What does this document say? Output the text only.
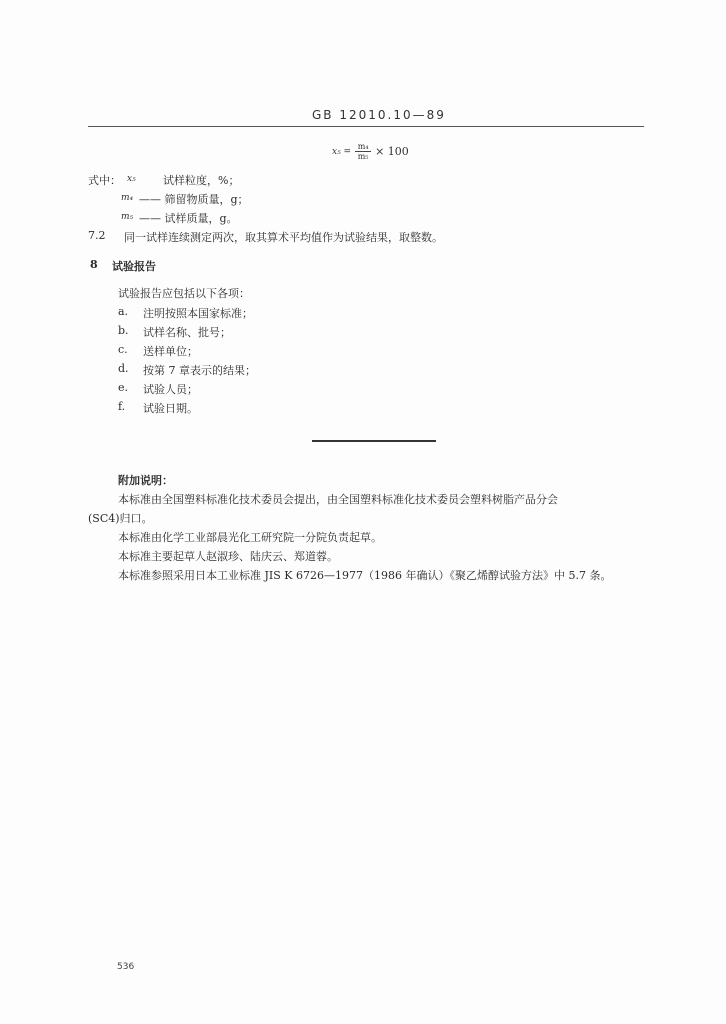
GB 12010.10—89
$x_5 = \frac{\text{m₄}}{\text{m₅}} \times 100$
式中： x₅ 试样粒度，%；
m₄ —— 筛留物质量，g；
m₅ —— 试样质量，g。
7.2 同一试样连续测定两次，取其算术平均值作为试验结果，取整数。
8 试验报告
试验报告应包括以下各项：
a. 注明按照本国家标准；
b. 试样名称、批号；
c. 送样单位；
d. 按第 7 章表示的结果；
e. 试验人员；
f. 试验日期。
附加说明：
本标准由全国塑料标准化技术委员会提出，由全国塑料标准化技术委员会塑料树脂产品分会
(SC4)归口。
本标准由化学工业部晨光化工研究院一分院负责起草。
本标准主要起草人赵淑珍、陆庆云、郑道蓉。
本标准参照采用日本工业标准 JIS K 6726—1977（1986 年确认）《聚乙烯醇试验方法》中 5.7 条。
536
